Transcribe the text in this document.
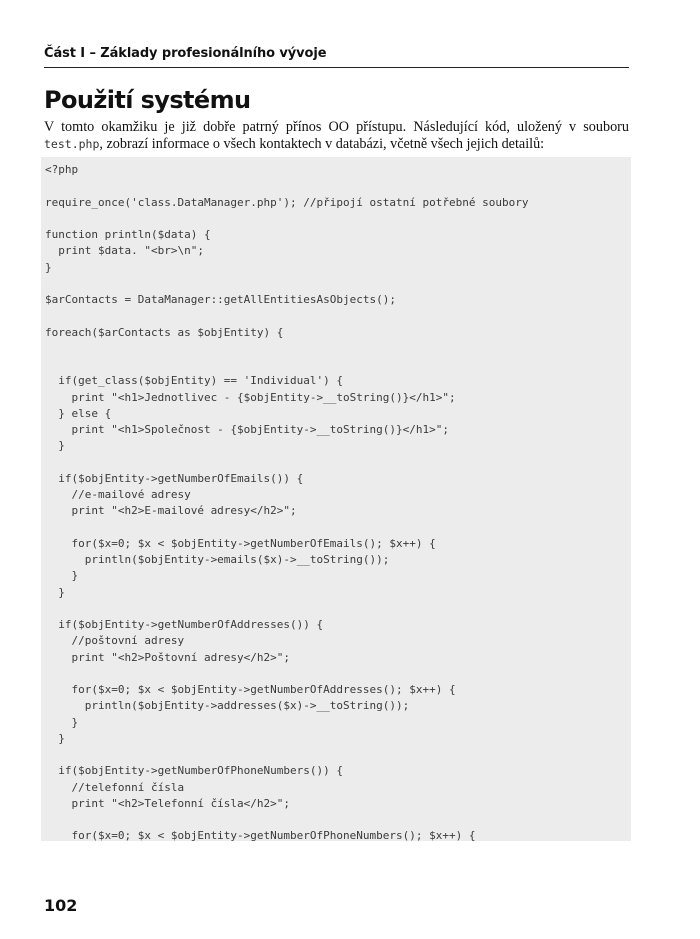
Část I – Základy profesionálního vývoje
Použití systému

V tomto okamžiku je již dobře patrný přínos OO přístupu. Následující kód, uložený v souboru test.php, zobrazí informace o všech kontaktech v databázi, včetně všech jejich detailů:

<?php

require_once('class.DataManager.php'); //připojí ostatní potřebné soubory

function println($data) {
print $data. "<br>\n";
}

$arContacts = DataManager::getAllEntitiesAsObjects();

foreach($arContacts as $objEntity) {

if(get_class($objEntity) == 'Individual') {
print "<h1>Jednotlivec - {$objEntity->__toString()}</h1>";
} else {
print "<h1>Společnost - {$objEntity->__toString()}</h1>";
}

if($objEntity->getNumberOfEmails()) {
//e-mailové adresy
print "<h2>E-mailové adresy</h2>";

for($x=0; $x < $objEntity->getNumberOfEmails(); $x++) {
println($objEntity->emails($x)->__toString());
}
}

if($objEntity->getNumberOfAddresses()) {
//poštovní adresy
print "<h2>Poštovní adresy</h2>";

for($x=0; $x < $objEntity->getNumberOfAddresses(); $x++) {
println($objEntity->addresses($x)->__toString());
}
}

if($objEntity->getNumberOfPhoneNumbers()) {
//telefonní čísla
print "<h2>Telefonní čísla</h2>";

for($x=0; $x < $objEntity->getNumberOfPhoneNumbers(); $x++) {
102
